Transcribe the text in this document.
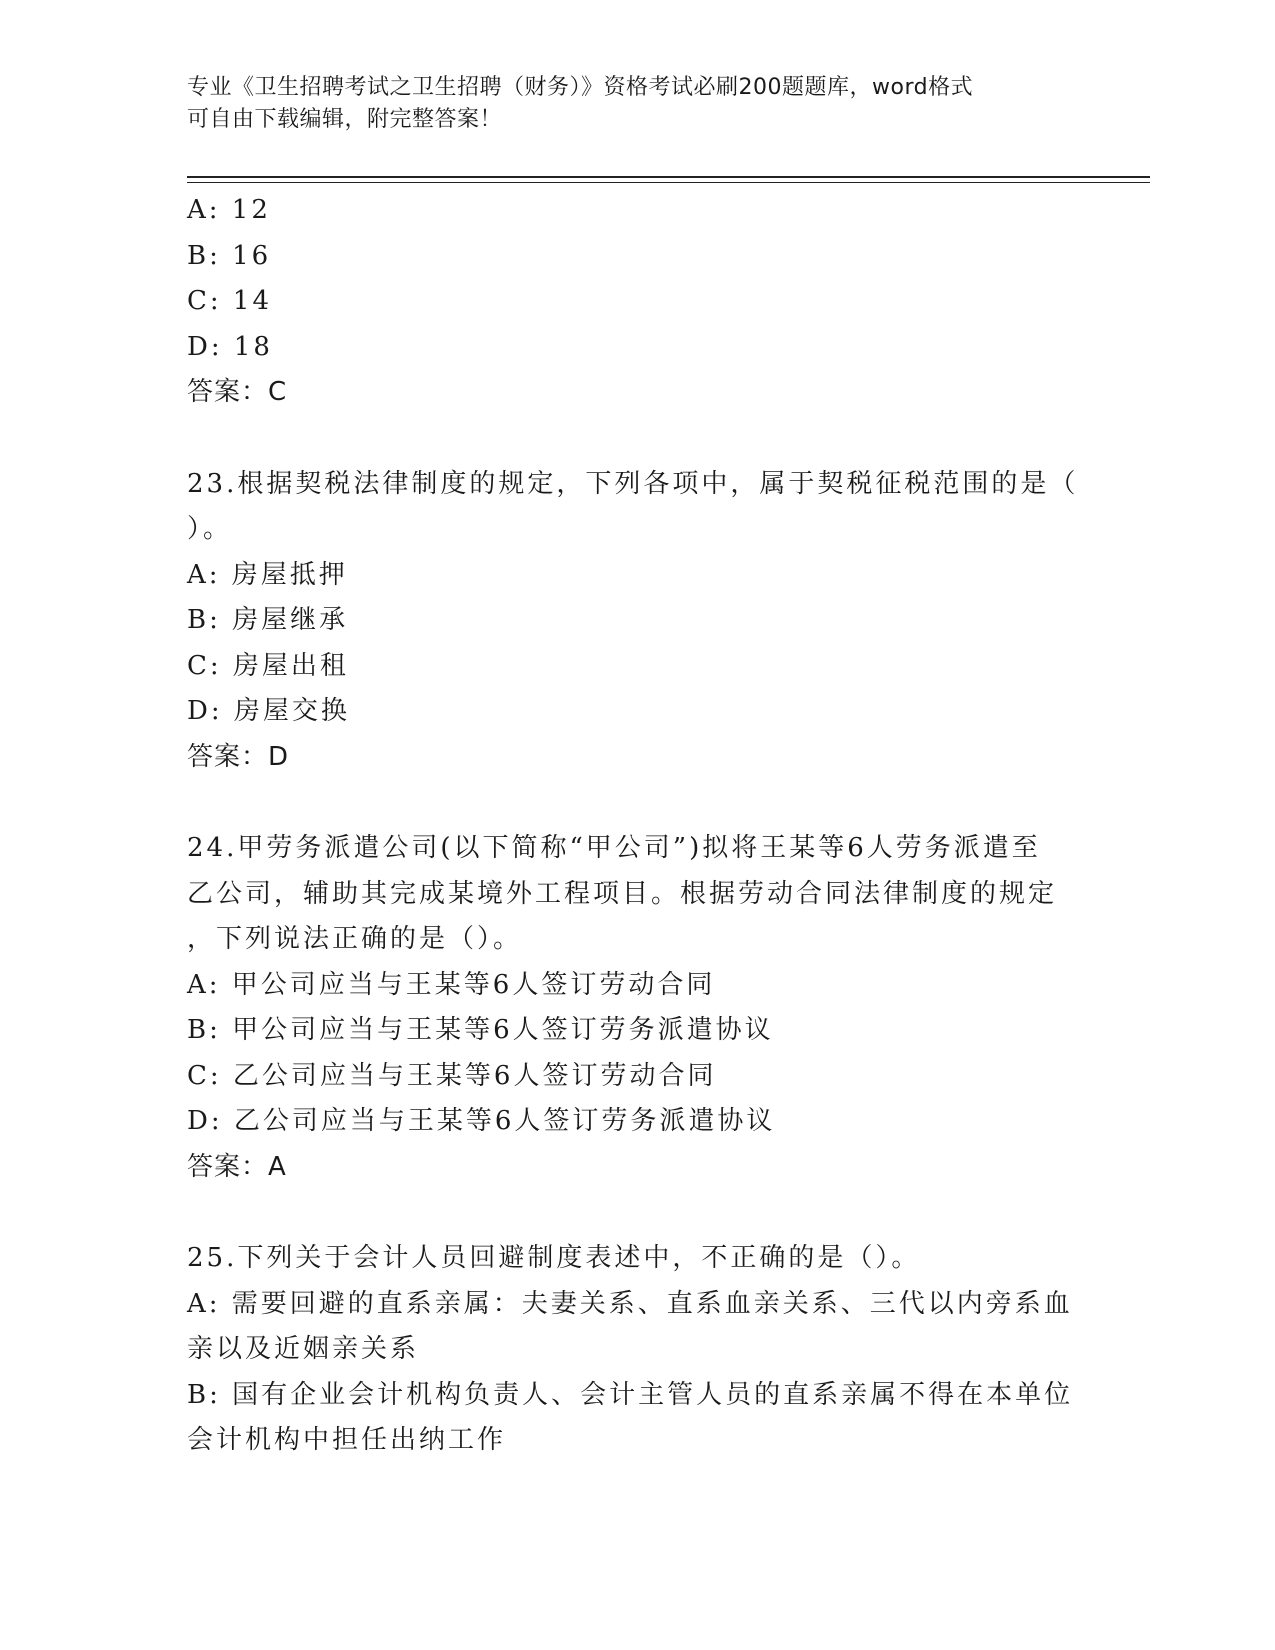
专业《卫生招聘考试之卫生招聘（财务）》资格考试必刷200题题库，word格式
可自由下载编辑，附完整答案！
A: 12
B: 16
C: 14
D: 18
答案：C
23.根据契税法律制度的规定，下列各项中，属于契税征税范围的是（
）。
A: 房屋抵押
B: 房屋继承
C: 房屋出租
D: 房屋交换
答案：D
24.甲劳务派遣公司(以下简称“甲公司”)拟将王某等6人劳务派遣至
乙公司，辅助其完成某境外工程项目。根据劳动合同法律制度的规定
，下列说法正确的是（）。
A: 甲公司应当与王某等6人签订劳动合同
B: 甲公司应当与王某等6人签订劳务派遣协议
C: 乙公司应当与王某等6人签订劳动合同
D: 乙公司应当与王某等6人签订劳务派遣协议
答案：A
25.下列关于会计人员回避制度表述中，不正确的是（）。
A: 需要回避的直系亲属：夫妻关系、直系血亲关系、三代以内旁系血
亲以及近姻亲关系
B: 国有企业会计机构负责人、会计主管人员的直系亲属不得在本单位
会计机构中担任出纳工作
